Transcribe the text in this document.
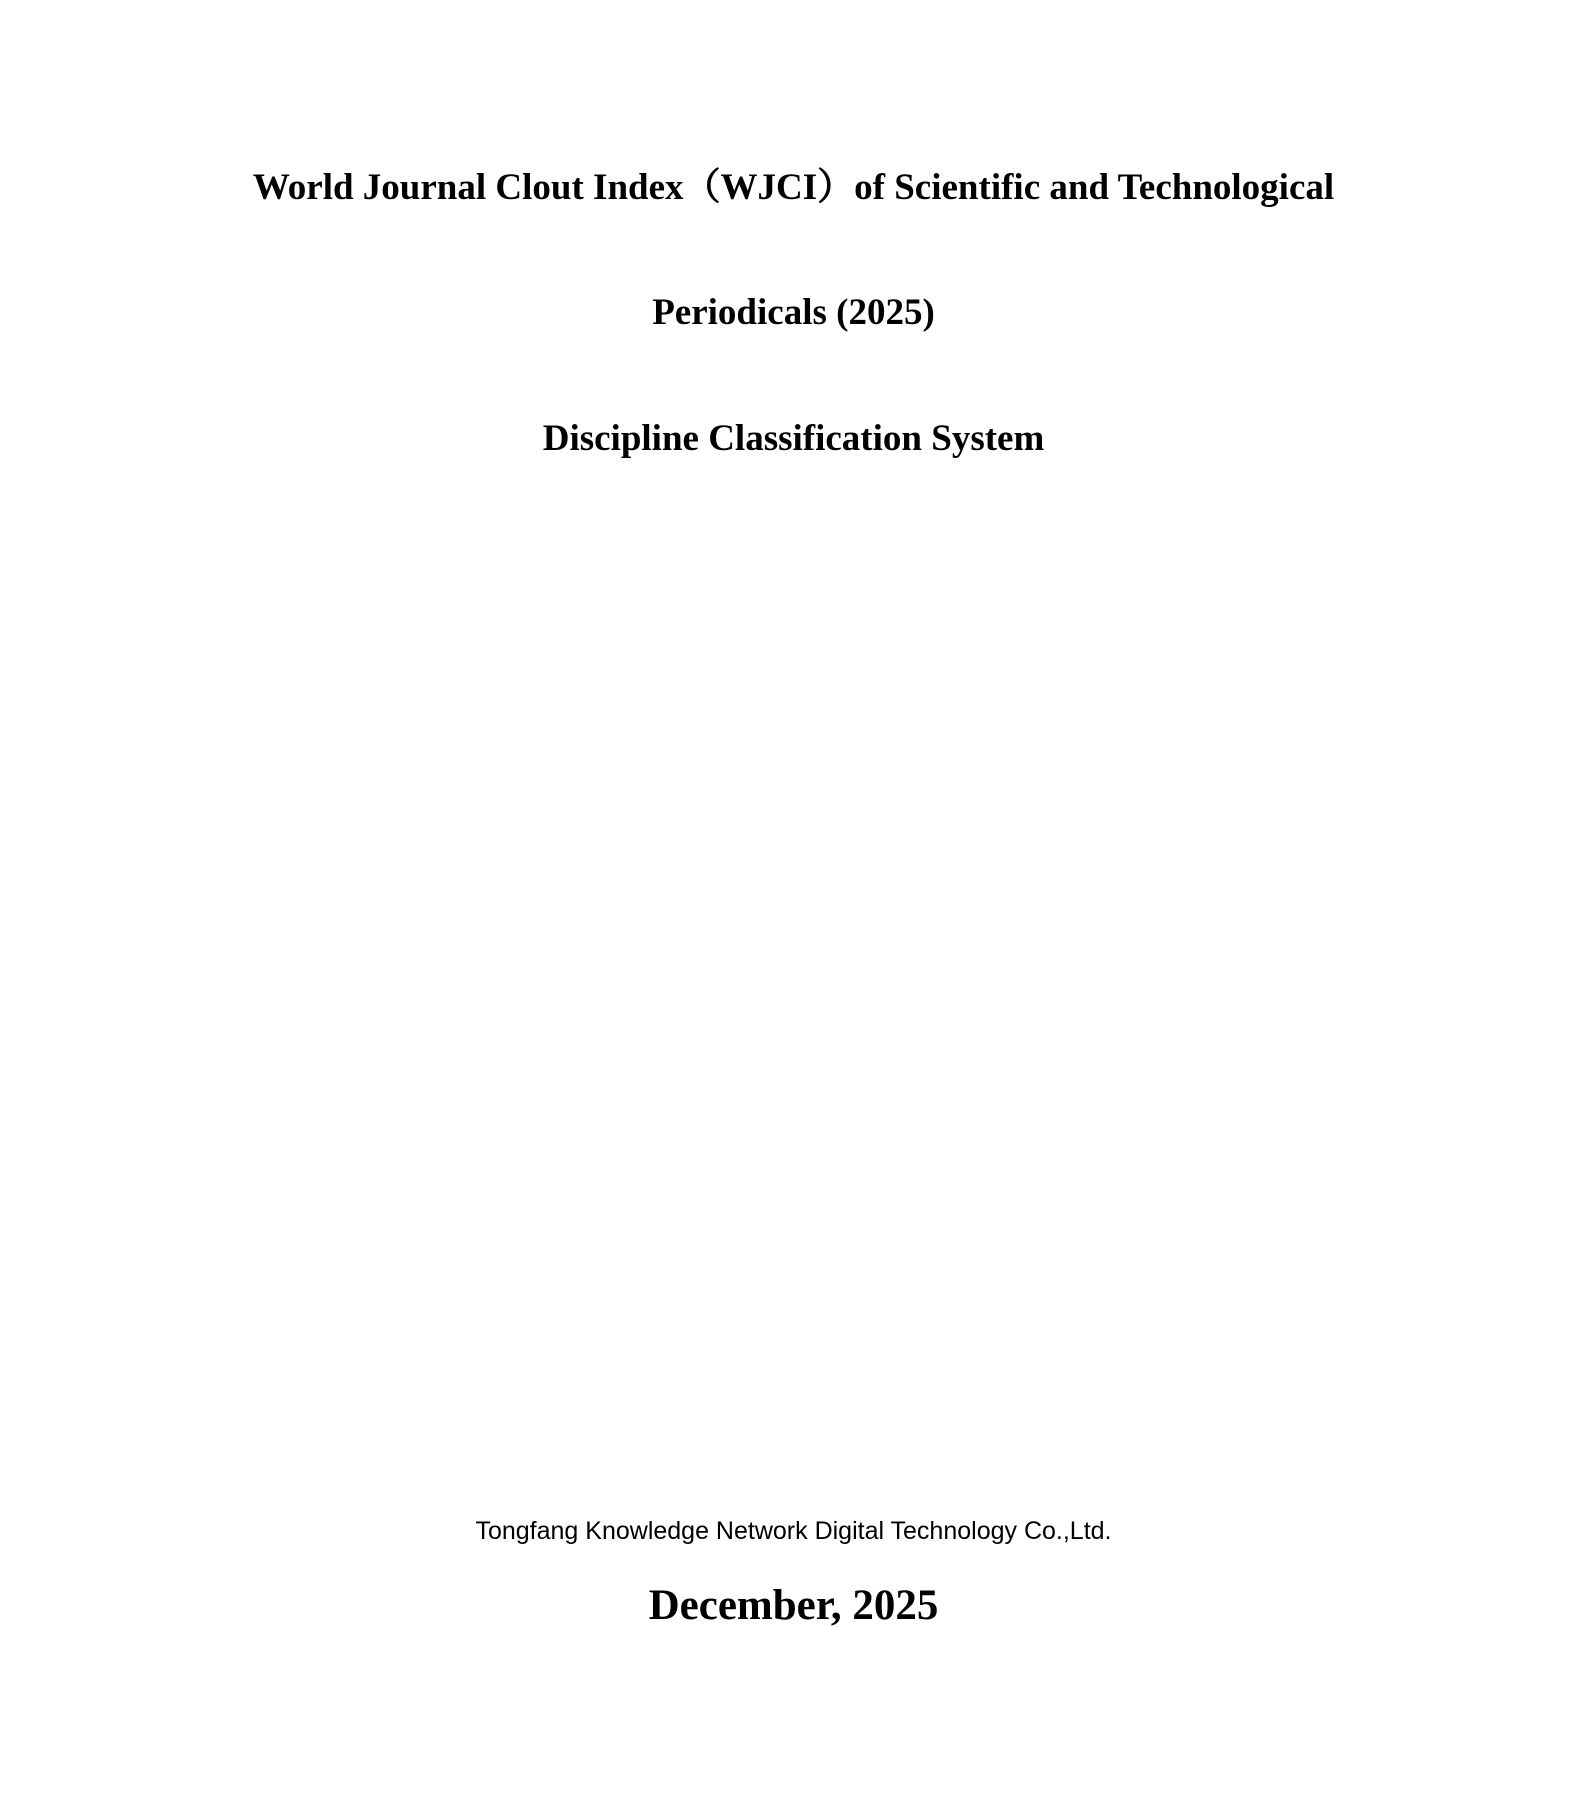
World Journal Clout Index（WJCI）of Scientific and Technological
Periodicals (2025)
Discipline Classification System

Tongfang Knowledge Network Digital Technology Co.,Ltd.

December, 2025
